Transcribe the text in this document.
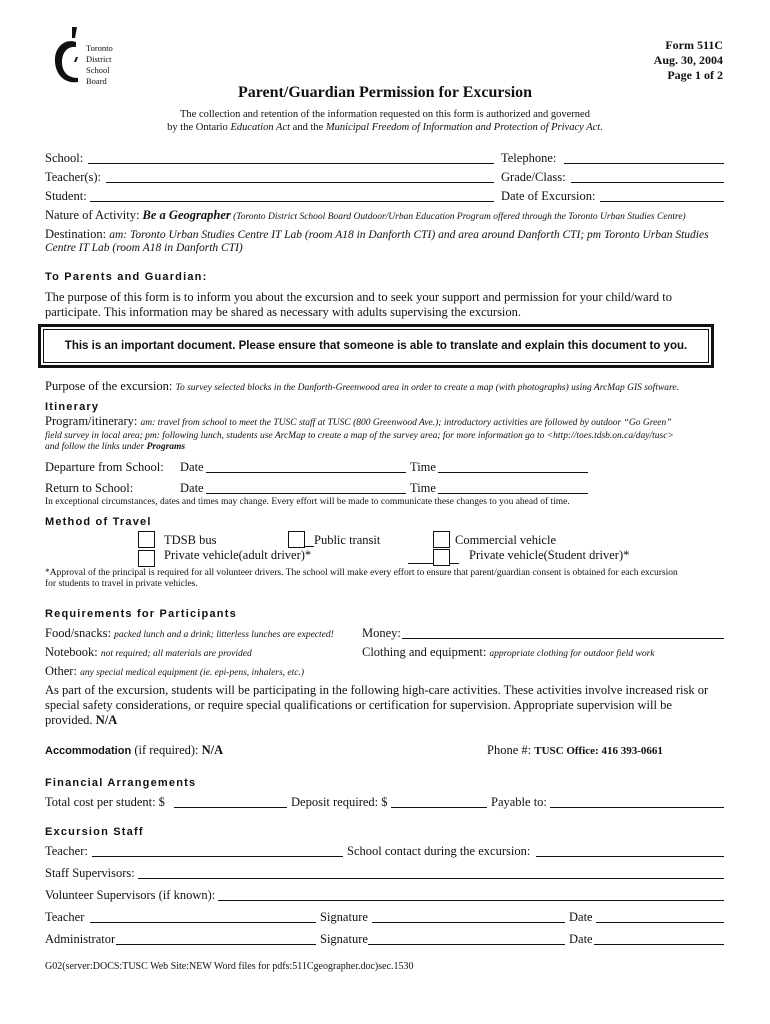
Toronto
District
School
Board
Form 511C
Aug. 30, 2004
Page 1 of 2
Parent/Guardian Permission for Excursion
The collection and retention of the information requested on this form is authorized and governed
by the Ontario Education Act and the Municipal Freedom of Information and Protection of Privacy Act.
School:	Telephone:
Teacher(s):	Grade/Class:
Student:	Date of Excursion:
Nature of Activity: Be a Geographer (Toronto District School Board Outdoor/Urban Education Program offered through the Toronto Urban Studies Centre)
Destination: am: Toronto Urban Studies Centre IT Lab (room A18 in Danforth CTI) and area around Danforth CTI; pm Toronto Urban Studies
Centre IT Lab (room A18 in Danforth CTI)
To Parents and Guardian:
The purpose of this form is to inform you about the excursion and to seek your support and permission for your child/ward to
participate. This information may be shared as necessary with adults supervising the excursion.
This is an important document. Please ensure that someone is able to translate and explain this document to you.
Purpose of the excursion: To survey selected blocks in the Danforth-Greenwood area in order to create a map (with photographs) using ArcMap GIS software.
Itinerary
Program/itinerary: am: travel from school to meet the TUSC staff at TUSC (800 Greenwood Ave.); introductory activities are followed by outdoor “Go Green”
field survey in local area; pm: following lunch, students use ArcMap to create a map of the survey area; for more information go to <http://toes.tdsb.on.ca/day/tusc>
and follow the links under Programs
Departure from School: Date	Time
Return to School:	Date	Time
In exceptional circumstances, dates and times may change. Every effort will be made to communicate these changes to you ahead of time.
Method of Travel
TDSB bus	Public transit	Commercial vehicle
Private vehicle(adult driver)*	Private vehicle(Student driver)*
*Approval of the principal is required for all volunteer drivers. The school will make every effort to ensure that parent/guardian consent is obtained for each excursion
for students to travel in private vehicles.
Requirements for Participants
Food/snacks: packed lunch and a drink; litterless lunches are expected! Money:
Notebook: not required; all materials are provided	Clothing and equipment: appropriate clothing for outdoor field work
Other: any special medical equipment (ie. epi-pens, inhalers, etc.)
As part of the excursion, students will be participating in the following high-care activities. These activities involve increased risk or
special safety considerations, or require special qualifications or certification for supervision. Appropriate supervision will be
provided. N/A
Accommodation (if required): N/A	Phone #: TUSC Office: 416 393-0661
Financial Arrangements
Total cost per student: $	Deposit required: $	Payable to:
Excursion Staff
Teacher:	School contact during the excursion:
Staff Supervisors:
Volunteer Supervisors (if known):
Teacher	Signature	Date
Administrator	Signature	Date
G02(server:DOCS:TUSC Web Site:NEW Word files for pdfs:511Cgeographer.doc)sec.1530
